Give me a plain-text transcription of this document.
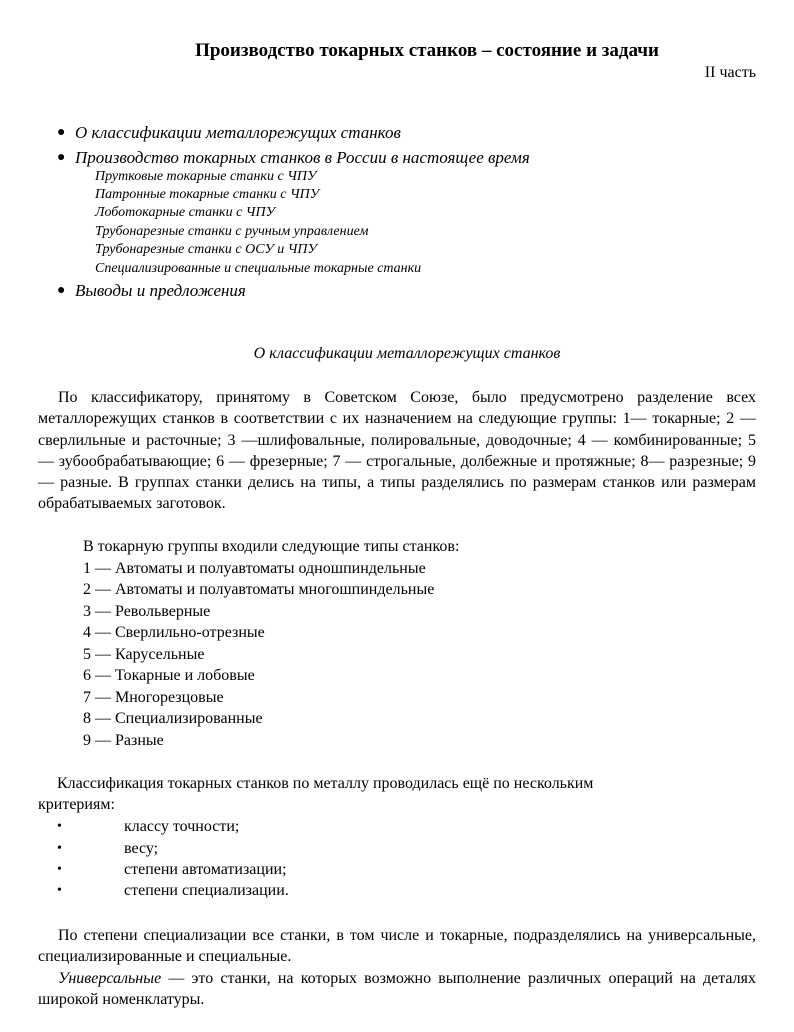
Производство токарных станков – состояние и задачи
II часть
● О классификации металлорежущих станков
● Производство токарных станков в России в настоящее время
Прутковые токарные станки с ЧПУ
Патронные токарные станки с ЧПУ
Лоботокарные станки с ЧПУ
Трубонарезные станки с ручным управлением
Трубонарезные станки с ОСУ и ЧПУ
Специализированные и специальные токарные станки
● Выводы и предложения
О классификации металлорежущих станков
По классификатору, принятому в Советском Союзе, было предусмотрено разделение всех металлорежущих станков в соответствии с их назначением на следующие группы: 1— токарные; 2 — сверлильные и расточные; 3 —шлифовальные, полировальные, доводочные; 4 — комбинированные; 5 — зубообрабатывающие; 6 — фрезерные; 7 — строгальные, долбежные и протяжные; 8— разрезные; 9 — разные. В группах станки делись на типы, а типы разделялись по размерам станков или размерам обрабатываемых заготовок.
В токарную группы входили следующие типы станков:
1 — Автоматы и полуавтоматы одношпиндельные
2 — Автоматы и полуавтоматы многошпиндельные
3 — Револьверные
4 — Сверлильно-отрезные
5 — Карусельные
6 — Токарные и лобовые
7 — Многорезцовые
8 — Специализированные
9 — Разные
Классификация токарных станков по металлу проводилась ещё по нескольким
критериям:
•	классу точности;
•	весу;
•	степени автоматизации;
•	степени специализации.
По степени специализации все станки, в том числе и токарные, подразделялись на универсальные, специализированные и специальные.
Универсальные — это станки, на которых возможно выполнение различных операций на деталях широкой номенклатуры.
